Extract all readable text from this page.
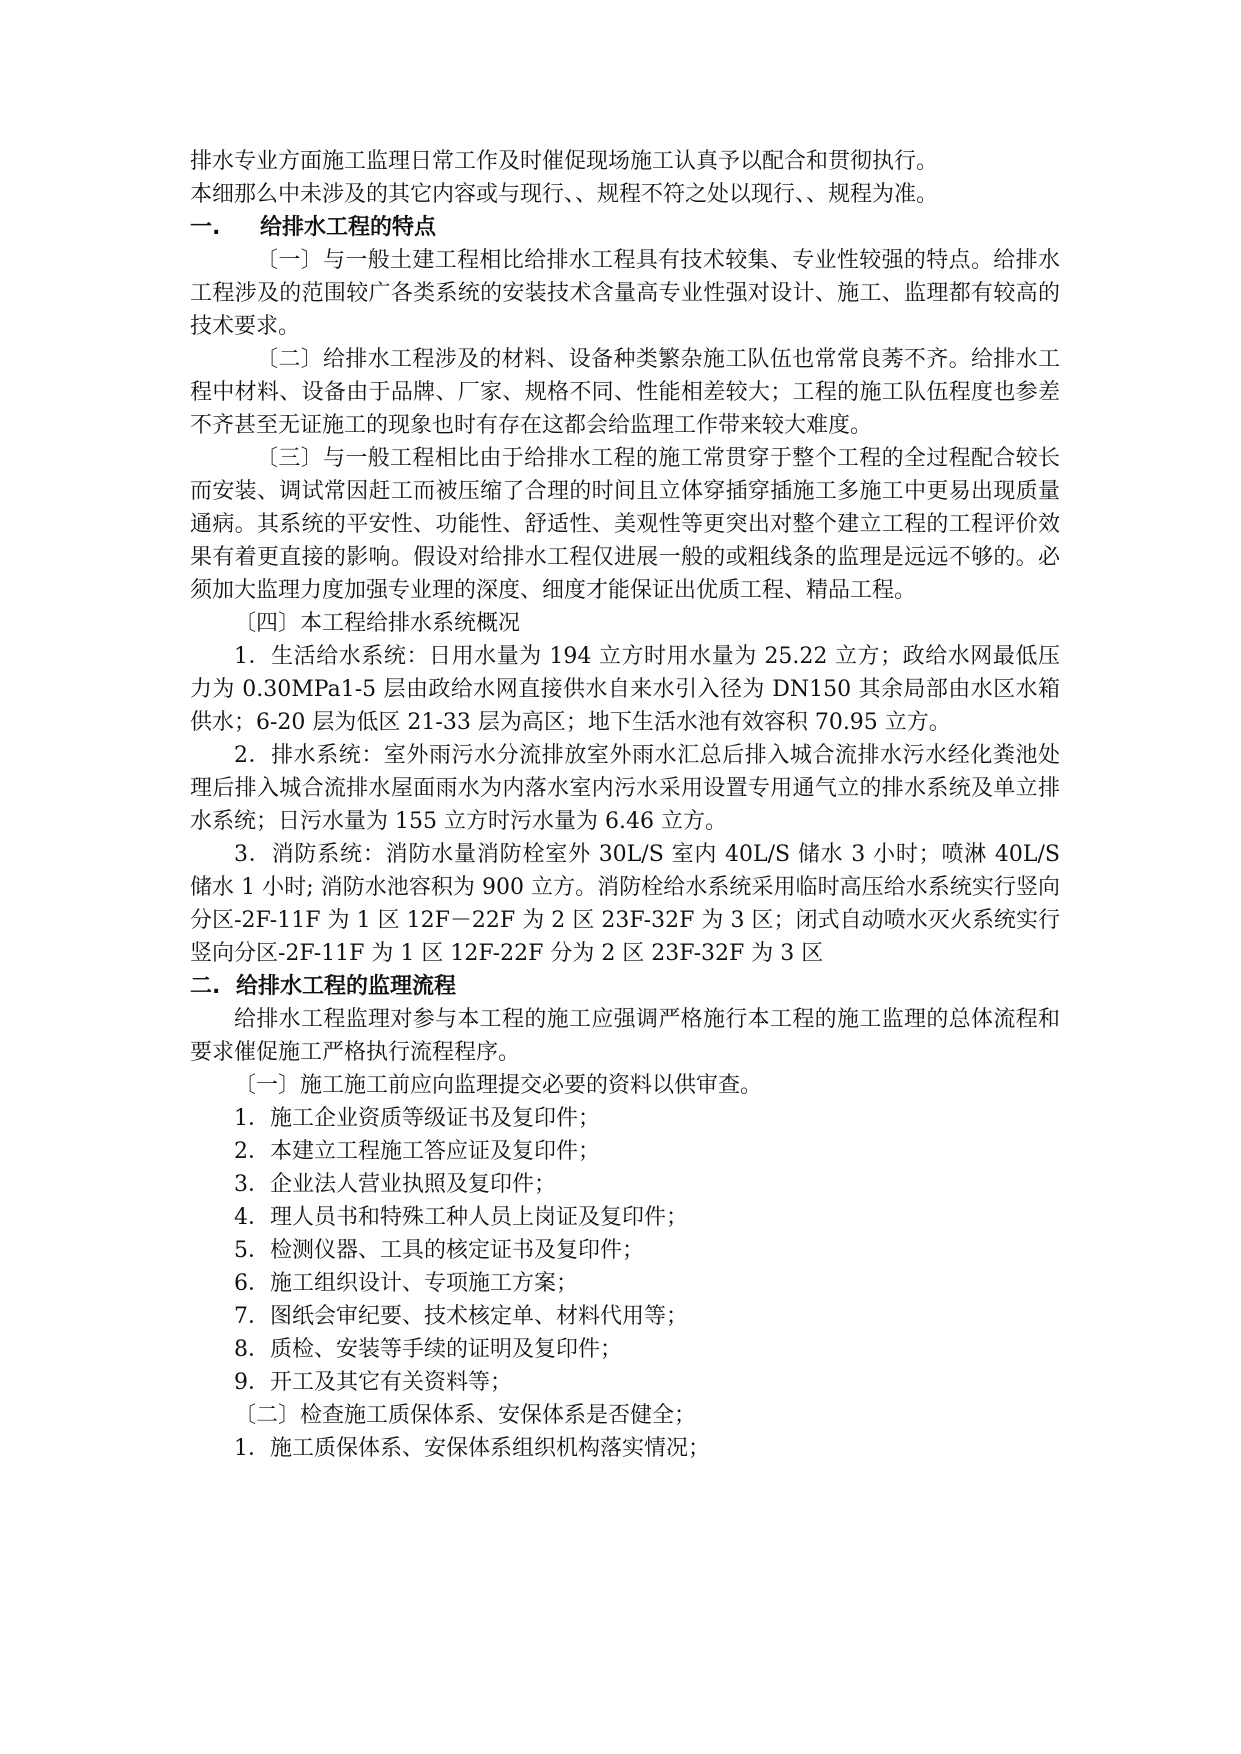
排水专业方面施工监理日常工作及时催促现场施工认真予以配合和贯彻执行。

本细那么中未涉及的其它内容或与现行、、规程不符之处以现行、、规程为准。

一. 给排水工程的特点

〔一〕与一般土建工程相比给排水工程具有技术较集、专业性较强的特点。给排水工程涉及的范围较广各类系统的安装技术含量高专业性强对设计、施工、监理都有较高的技术要求。

〔二〕给排水工程涉及的材料、设备种类繁杂施工队伍也常常良莠不齐。给排水工程中材料、设备由于品牌、厂家、规格不同、性能相差较大；工程的施工队伍程度也参差不齐甚至无证施工的现象也时有存在这都会给监理工作带来较大难度。

〔三〕与一般工程相比由于给排水工程的施工常贯穿于整个工程的全过程配合较长而安装、调试常因赶工而被压缩了合理的时间且立体穿插穿插施工多施工中更易出现质量通病。其系统的平安性、功能性、舒适性、美观性等更突出对整个建立工程的工程评价效果有着更直接的影响。假设对给排水工程仅进展一般的或粗线条的监理是远远不够的。必须加大监理力度加强专业理的深度、细度才能保证出优质工程、精品工程。

〔四〕本工程给排水系统概况

1．生活给水系统：日用水量为 194 立方时用水量为 25.22 立方；政给水网最低压力为 0.30MPa1-5 层由政给水网直接供水自来水引入径为 DN150 其余局部由水区水箱供水；6-20 层为低区 21-33 层为高区；地下生活水池有效容积 70.95 立方。

2．排水系统：室外雨污水分流排放室外雨水汇总后排入城合流排水污水经化粪池处理后排入城合流排水屋面雨水为内落水室内污水采用设置专用通气立的排水系统及单立排水系统；日污水量为 155 立方时污水量为 6.46 立方。

3．消防系统：消防水量消防栓室外 30L/S 室内 40L/S 储水 3 小时；喷淋 40L/S 储水 1 小时; 消防水池容积为 900 立方。消防栓给水系统采用临时高压给水系统实行竖向分区-2F-11F 为 1 区 12F－22F 为 2 区 23F-32F 为 3 区；闭式自动喷水灭火系统实行竖向分区-2F-11F 为 1 区 12F-22F 分为 2 区 23F-32F 为 3 区

二. 给排水工程的监理流程

给排水工程监理对参与本工程的施工应强调严格施行本工程的施工监理的总体流程和要求催促施工严格执行流程程序。

〔一〕施工施工前应向监理提交必要的资料以供审查。

1．施工企业资质等级证书及复印件；

2．本建立工程施工答应证及复印件；

3．企业法人营业执照及复印件；

4．理人员书和特殊工种人员上岗证及复印件；

5．检测仪器、工具的核定证书及复印件；

6．施工组织设计、专项施工方案；

7．图纸会审纪要、技术核定单、材料代用等；

8．质检、安装等手续的证明及复印件；

9．开工及其它有关资料等；

〔二〕检查施工质保体系、安保体系是否健全；

1．施工质保体系、安保体系组织机构落实情况；
